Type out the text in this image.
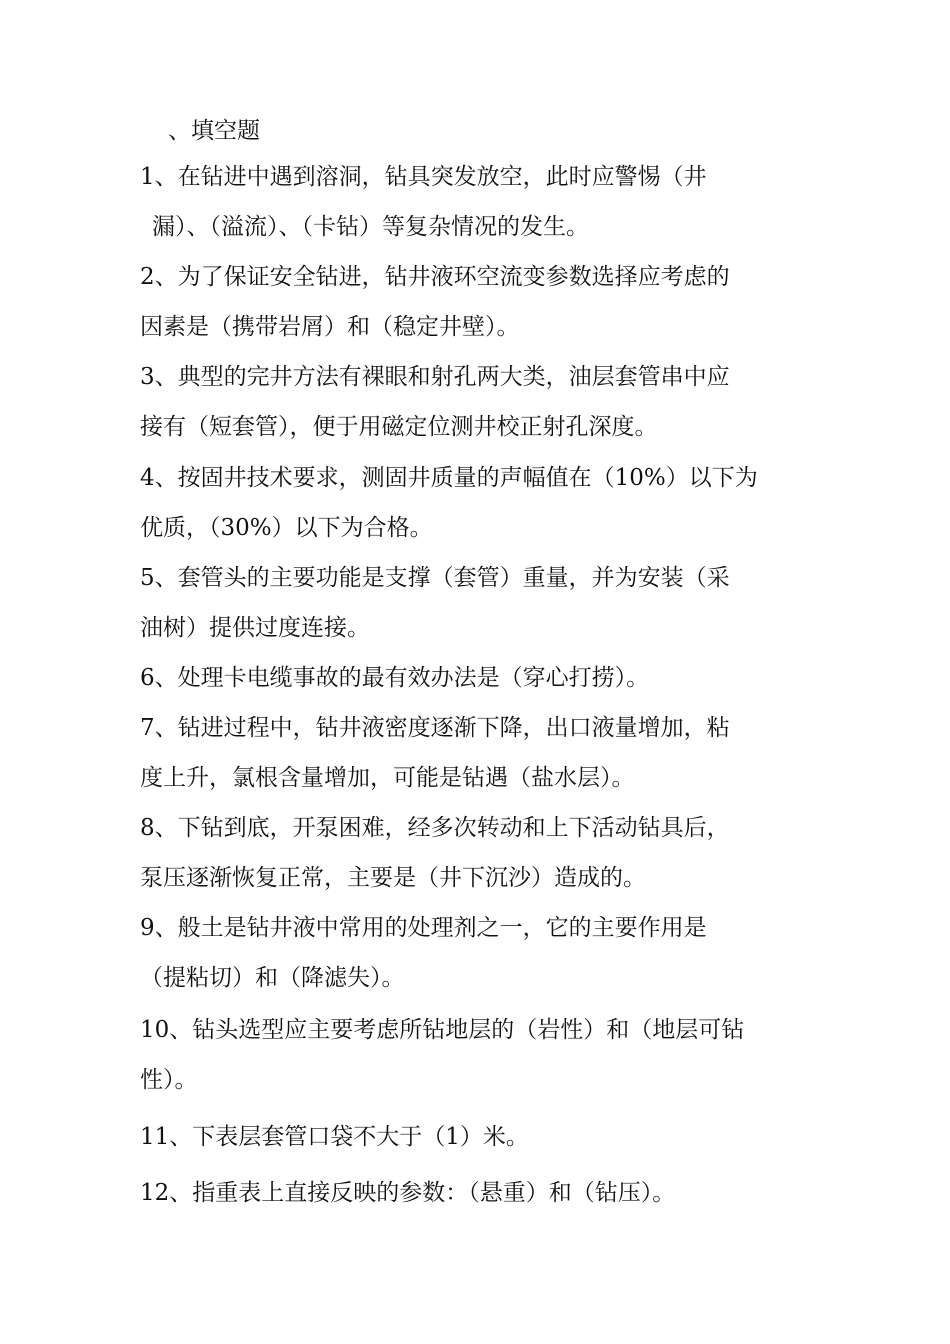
、填空题
1、在钻进中遇到溶洞，钻具突发放空，此时应警惕（井
漏）、（溢流）、（卡钻）等复杂情况的发生。
2、为了保证安全钻进，钻井液环空流变参数选择应考虑的
因素是（携带岩屑）和（稳定井壁）。
3、典型的完井方法有裸眼和射孔两大类，油层套管串中应
接有（短套管），便于用磁定位测井校正射孔深度。
4、按固井技术要求，测固井质量的声幅值在（10%）以下为
优质，（30%）以下为合格。
5、套管头的主要功能是支撑（套管）重量，并为安装（采
油树）提供过度连接。
6、处理卡电缆事故的最有效办法是（穿心打捞）。
7、钻进过程中，钻井液密度逐渐下降，出口液量增加，粘
度上升，氯根含量增加，可能是钻遇（盐水层）。
8、下钻到底，开泵困难，经多次转动和上下活动钻具后，
泵压逐渐恢复正常，主要是（井下沉沙）造成的。
9、般土是钻井液中常用的处理剂之一，它的主要作用是
（提粘切）和（降滤失）。
10、钻头选型应主要考虑所钻地层的（岩性）和（地层可钻
性）。
11、下表层套管口袋不大于（1）米。
12、指重表上直接反映的参数：（悬重）和（钻压）。
